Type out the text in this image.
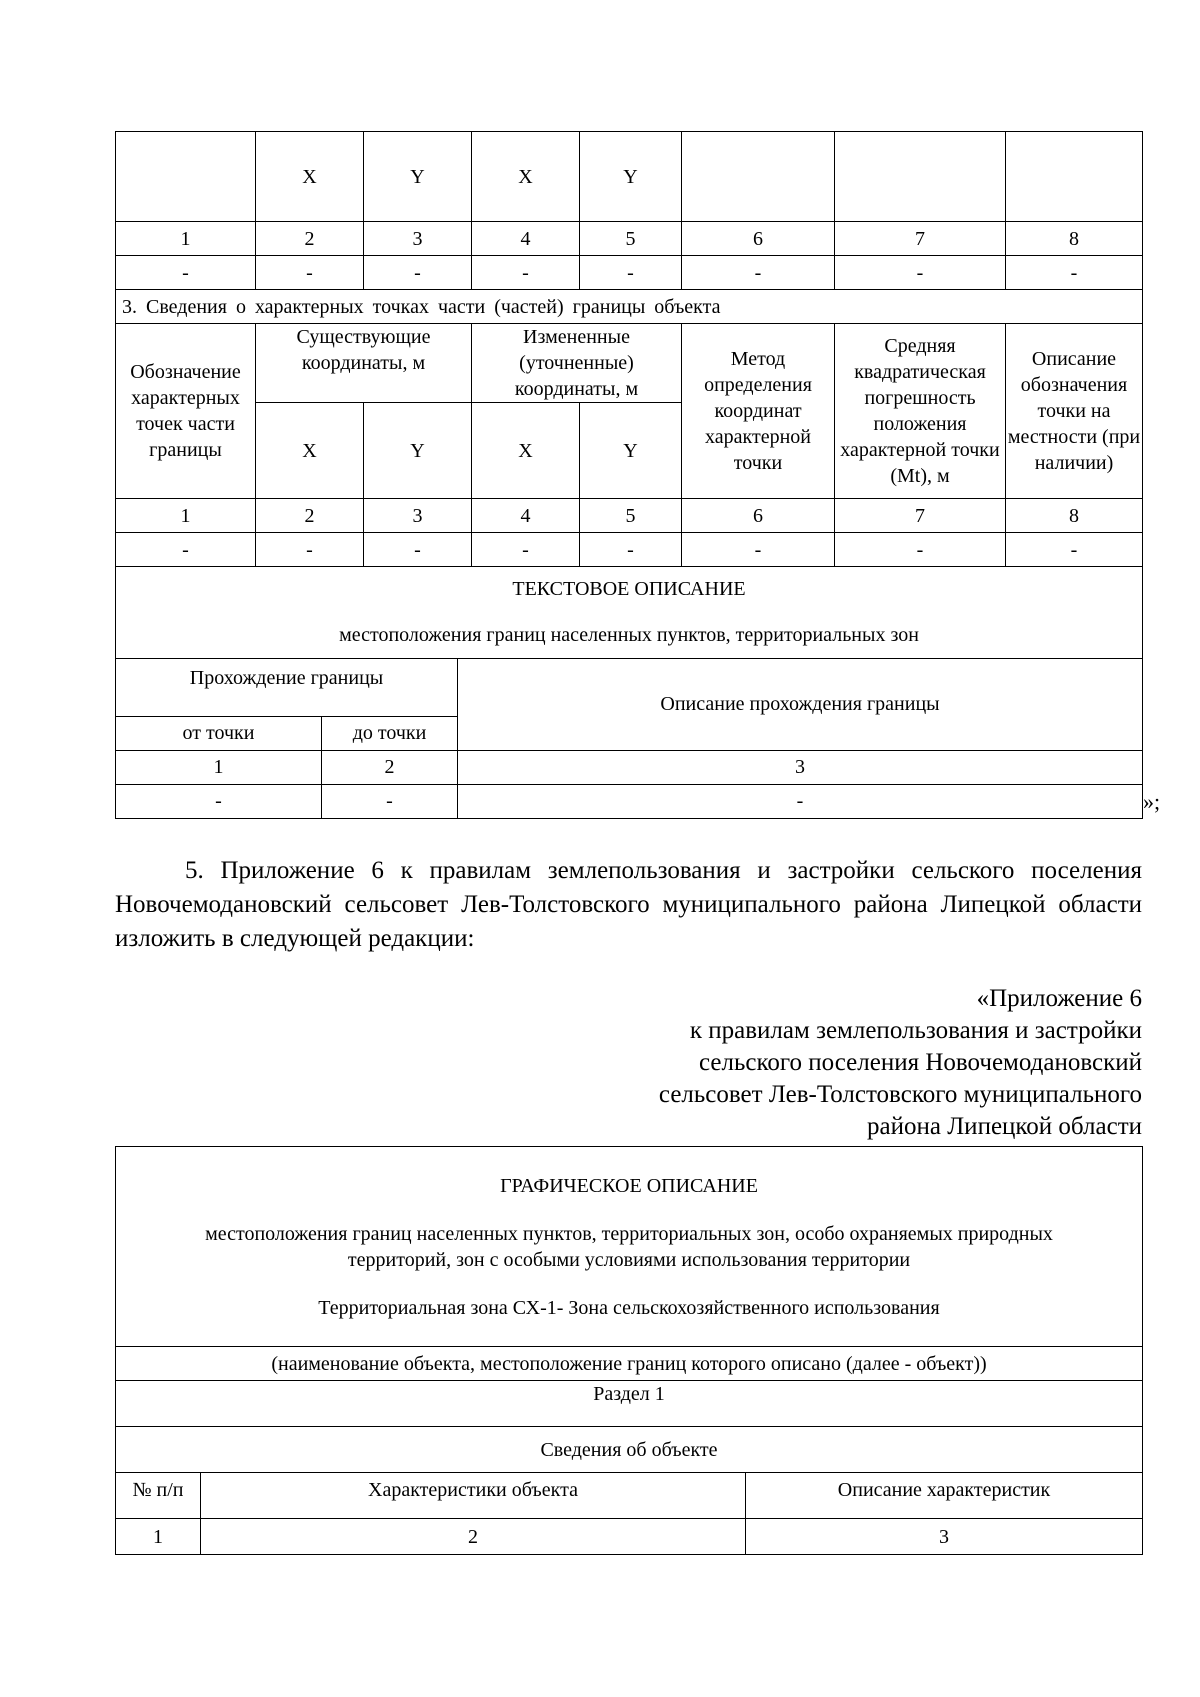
	X	Y	X	Y			
1	2	3	4	5	6	7	8
-	-	-	-	-	-	-	-
3. Сведения о характерных точках части (частей) границы объекта							
Обозначение характерных точек части границы	Существующие координаты, м		Измененные (уточненные) координаты, м		Метод определения координат характерной точки	Средняя квадратическая погрешность положения характерной точки (Mt), м	Описание обозначения точки на местности (при наличии)
	X	Y	X	Y			
1	2	3	4	5	6	7	8
-	-	-	-	-	-	-	-
ТЕКСТОВОЕ ОПИСАНИЕ
местоположения границ населенных пунктов, территориальных зон		

Прохождение границы		Описание прохождения границы
от точки	до точки	
1	2	3
-	-	-	»;
5. Приложение 6 к правилам землепользования и застройки сельского поселения Новочемодановский сельсовет Лев-Толстовского муниципального района Липецкой области изложить в следующей редакции:
«Приложение 6
к правилам землепользования и застройки
сельского поселения Новочемодановский
сельсовет Лев-Толстовского муниципального
района Липецкой области
ГРАФИЧЕСКОЕ ОПИСАНИЕ
местоположения границ населенных пунктов, территориальных зон, особо охраняемых природных территорий, зон с особыми условиями использования территории
Территориальная зона СХ-1- Зона сельскохозяйственного использования		

(наименование объекта, местоположение границ которого описано (далее - объект))		
Раздел 1		
Сведения об объекте		
№ п/п	Характеристики объекта	Описание характеристик
1	2	3
